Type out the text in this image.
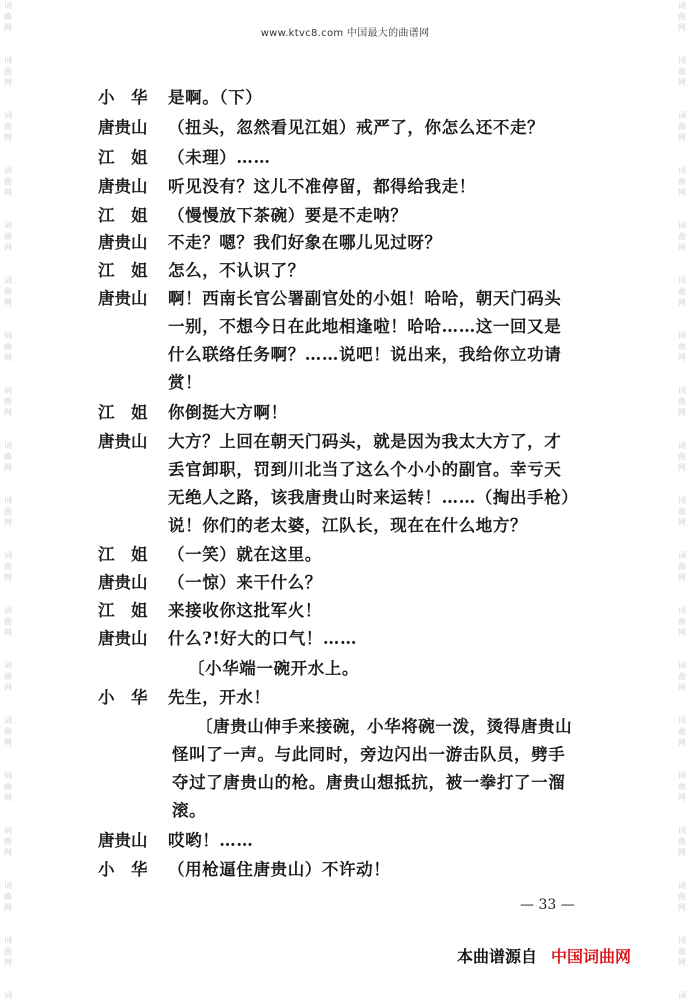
www.ktvc8.com 中国最大的曲谱网
词
曲
网
词
曲
网
词
曲
网
词
曲
网
词
曲
网
词
曲
网
词
曲
网
词
曲
网
词
曲
网
词
曲
网
词
曲
网
词
曲
网
词
曲
网
词
曲
网
词
曲
网
词
曲
网
词
曲
网
词
曲
网
词
词
曲
网
词
曲
网
词
曲
网
词
曲
网
词
曲
网
词
曲
网
词
曲
网
词
曲
网
词
曲
网
词
曲
网
词
曲
网
词
曲
网
词
曲
网
词
曲
网
词
曲
网
词
曲
网
词
曲
网
词
曲
网
词
小　华	是啊。（下）
唐贵山	（扭头，忽然看见江姐）戒严了，你怎么还不走？
江　姐	（未理）……
唐贵山	听见没有？这儿不准停留，都得给我走！
江　姐	（慢慢放下茶碗）要是不走呐？
唐贵山	不走？嗯？我们好象在哪儿见过呀？
江　姐	怎么，不认识了？
唐贵山	啊！西南长官公署副官处的小姐！哈哈，朝天门码头
一别，不想今日在此地相逢啦！哈哈……这一回又是
什么联络任务啊？……说吧！说出来，我给你立功请
赏！
江　姐	你倒挺大方啊！
唐贵山	大方？上回在朝天门码头，就是因为我太大方了，才
丢官卸职，罚到川北当了这么个小小的副官。幸亏天
无绝人之路，该我唐贵山时来运转！……（掏出手枪）
说！你们的老太婆，江队长，现在在什么地方？
江　姐	（一笑）就在这里。
唐贵山	（一惊）来干什么？
江　姐	来接收你这批军火！
唐贵山	什么?!好大的口气！……
〔小华端一碗开水上。
小　华	先生，开水！
〔唐贵山伸手来接碗，小华将碗一泼，烫得唐贵山
怪叫了一声。与此同时，旁边闪出一游击队员，劈手
夺过了唐贵山的枪。唐贵山想抵抗，被一拳打了一溜
滚。
唐贵山	哎哟！……
小　华	（用枪逼住唐贵山）不许动！
— 33 —
本曲谱源自 中国词曲网
